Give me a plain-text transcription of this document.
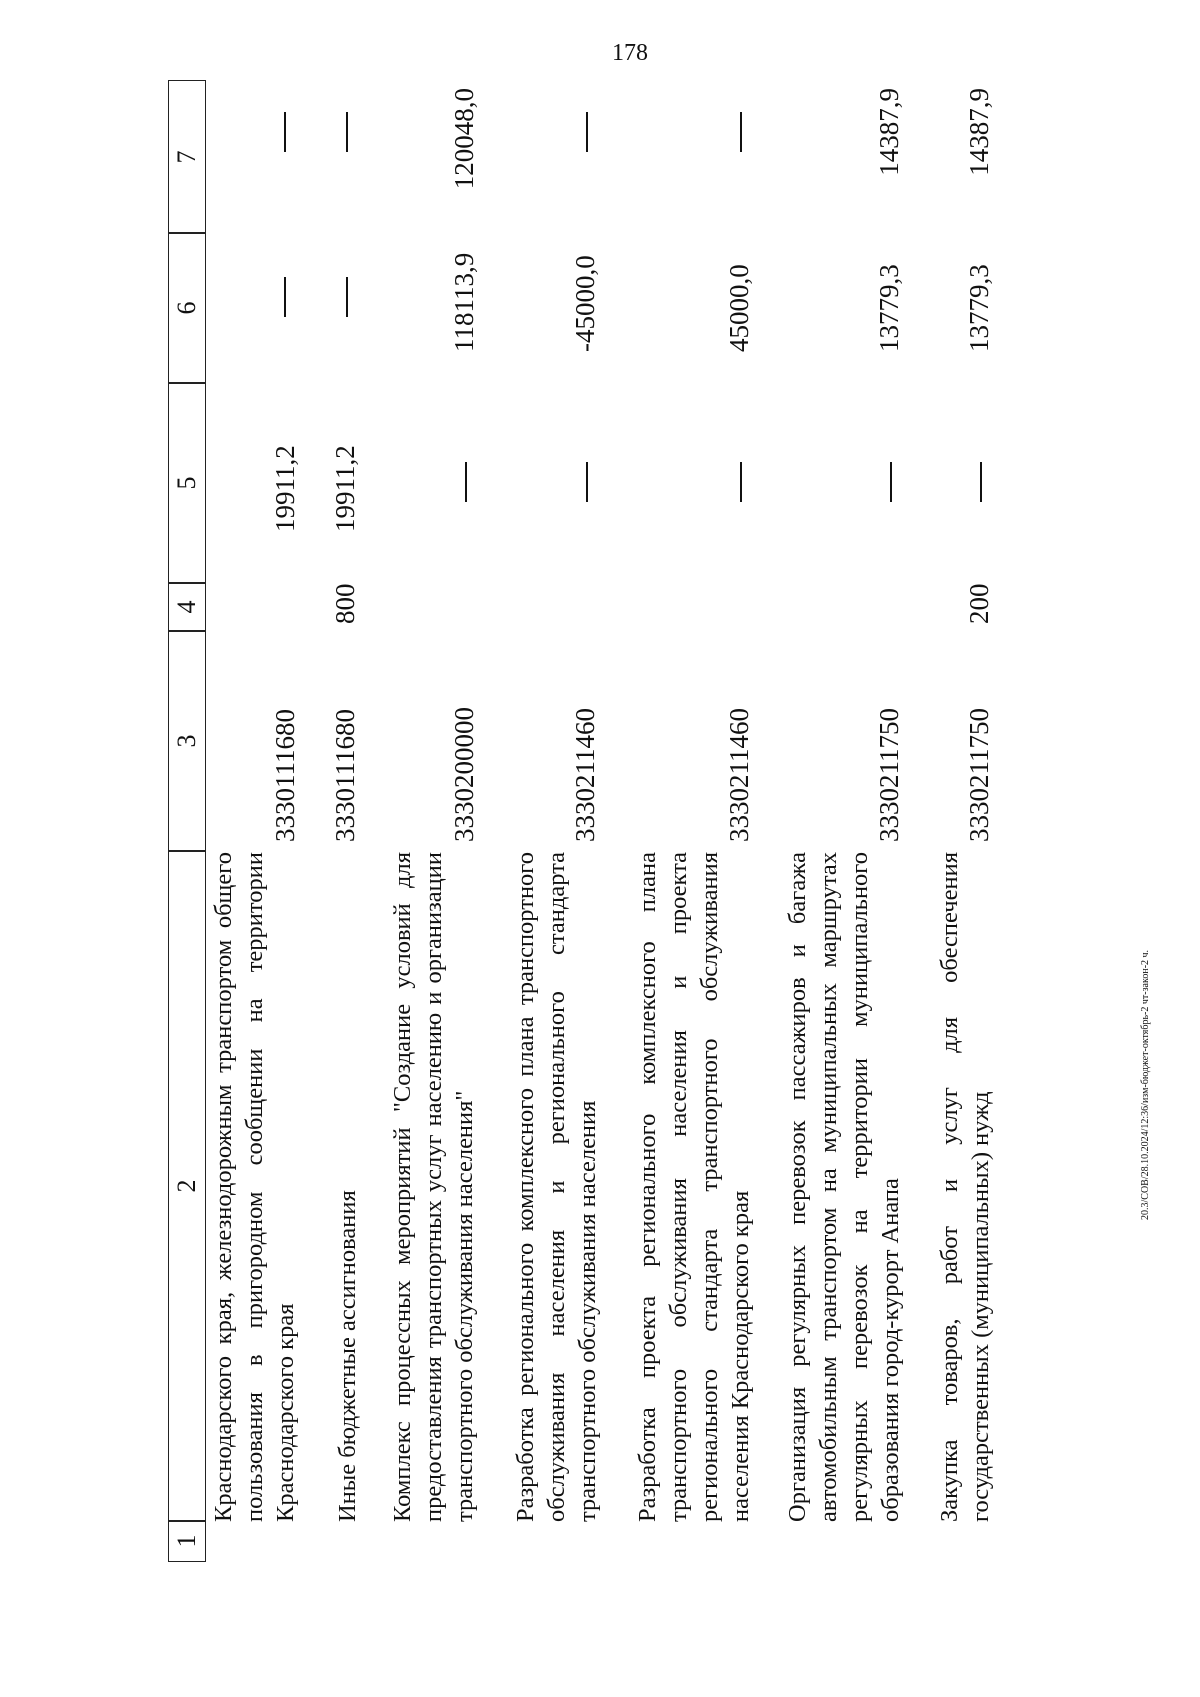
178
20.3/СОВ/28.10.2024/12:36/изм-бюджет-октябрь-2 чт-закон-2 ч.
1
2
3
4
5
6
7
Краснодарского края, железнодорожным транспортом общего пользования в пригородном сообщении на территории Краснодарского края
3330111680
19911,2
Иные бюджетные ассигнования
3330111680
800
19911,2
Комплекс процессных мероприятий "Создание условий для предоставления транспортных услуг населению и организации транспортного обслуживания населения"
3330200000
118113,9
120048,0
Разработка регионального комплексного плана транспортного обслуживания населения и регионального стандарта транспортного обслуживания населения
3330211460
-45000,0
Разработка проекта регионального комплексного плана транспортного обслуживания населения и проекта регионального стандарта транспортного обслуживания населения Краснодарского края
3330211460
45000,0
Организация регулярных перевозок пассажиров и багажа автомобильным транспортом на муниципальных маршрутах регулярных перевозок на территории муниципального образования город-курорт Анапа
3330211750
13779,3
14387,9
Закупка товаров, работ и услуг для обеспечения государственных (муниципальных) нужд
3330211750
200
13779,3
14387,9
